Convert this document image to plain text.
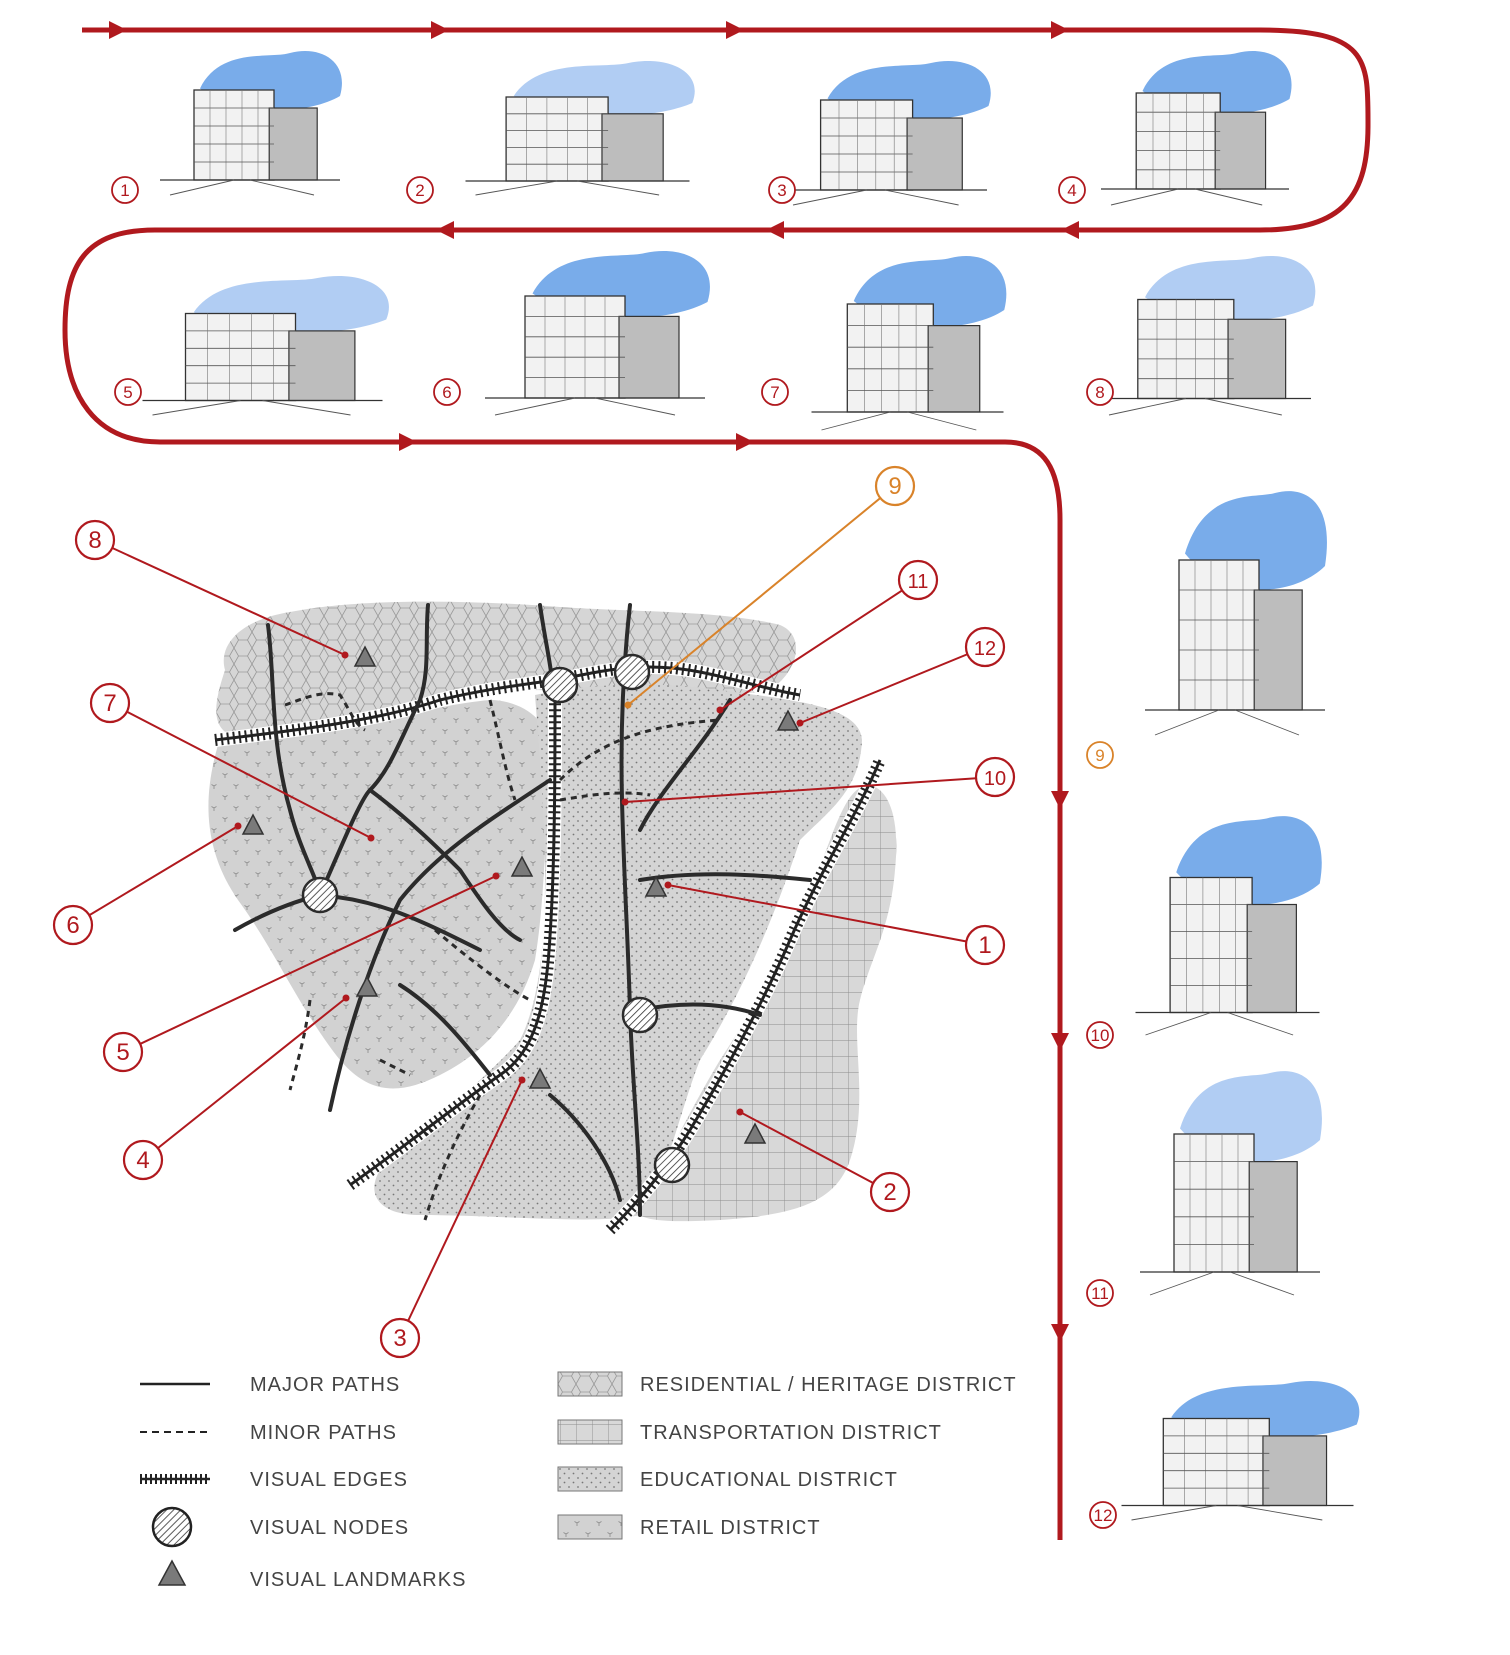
1	2	3	4
5	6	7	8
9
10
11
12
1
2
3
4
5
6
7
8
9
10
11
12
MAJOR PATHS
MINOR PATHS
VISUAL EDGES
VISUAL NODES
VISUAL LANDMARKS
RESIDENTIAL / HERITAGE DISTRICT
TRANSPORTATION DISTRICT
EDUCATIONAL DISTRICT
RETAIL DISTRICT
